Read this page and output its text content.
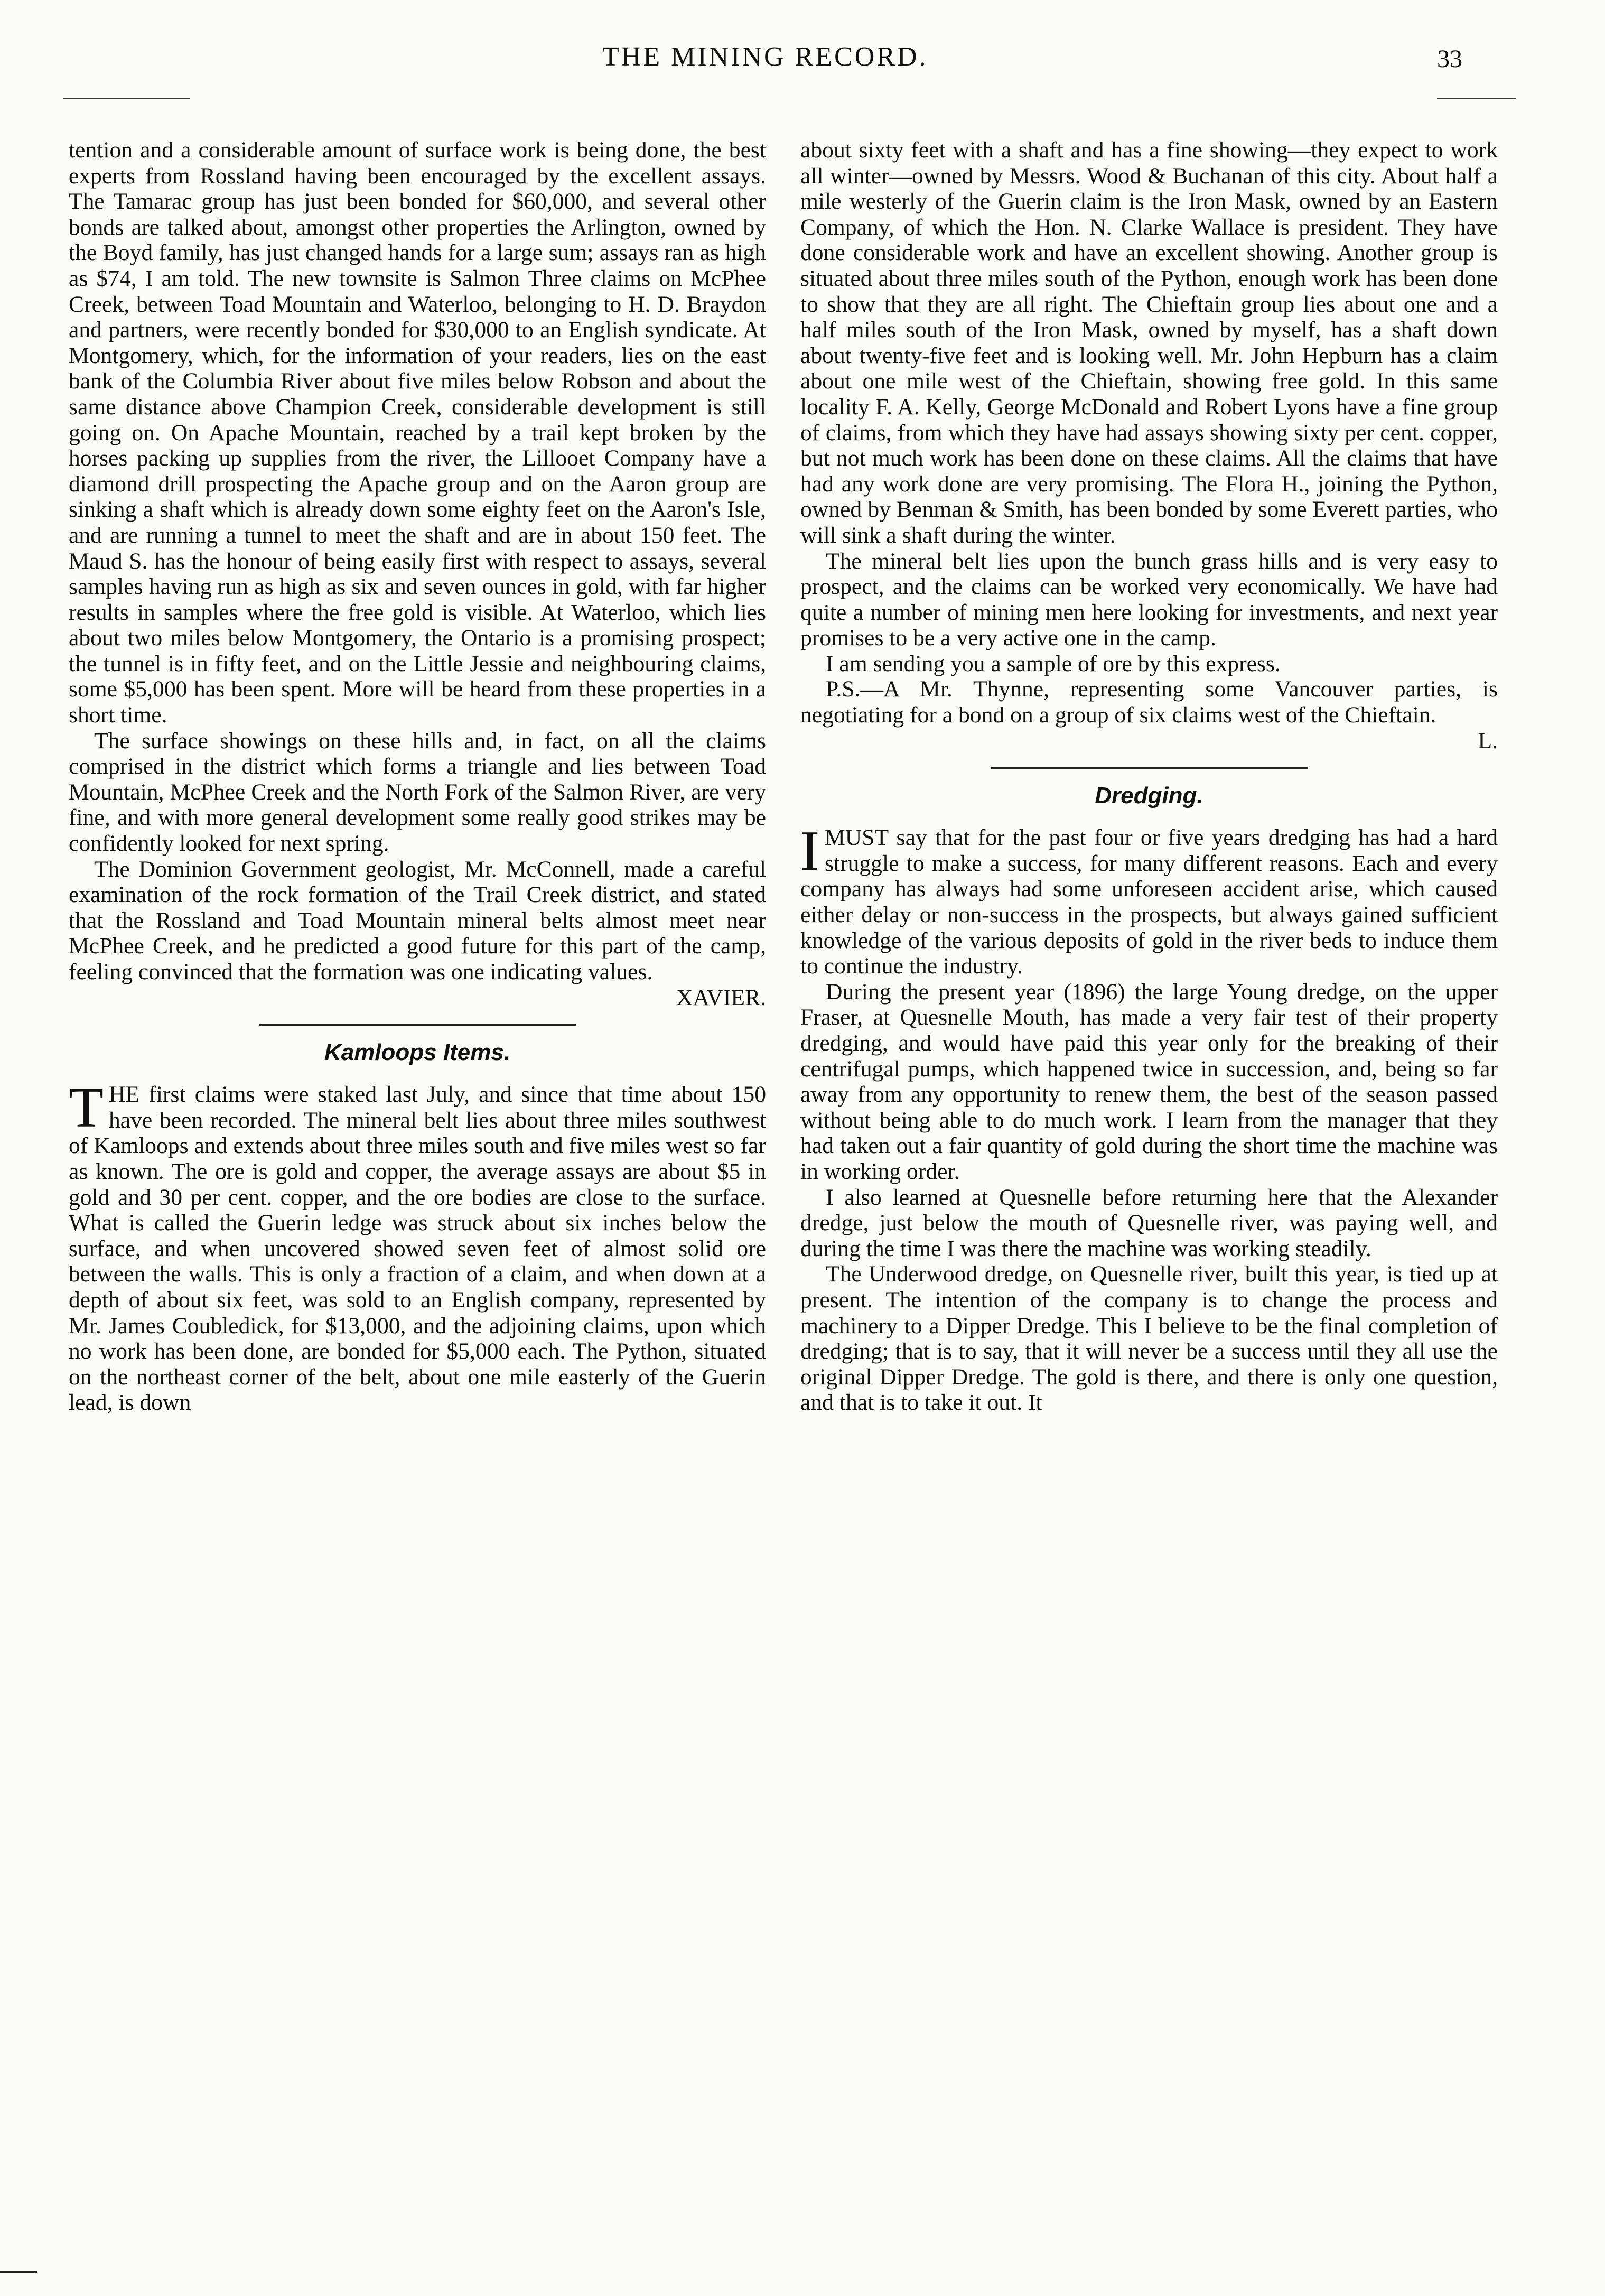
THE MINING RECORD.	33

tention and a considerable amount of surface work is being done, the best experts from Rossland having been encouraged by the excellent assays. The Tamarac group has just been bonded for $60,000, and several other bonds are talked about, amongst other properties the Arlington, owned by the Boyd family, has just changed hands for a large sum; assays ran as high as $74, I am told. The new townsite is Salmon Three claims on McPhee Creek, between Toad Mountain and Waterloo, belonging to H. D. Braydon and partners, were recently bonded for $30,000 to an English syndicate. At Montgomery, which, for the information of your readers, lies on the east bank of the Columbia River about five miles below Robson and about the same distance above Champion Creek, considerable development is still going on. On Apache Mountain, reached by a trail kept broken by the horses packing up supplies from the river, the Lillooet Company have a diamond drill prospecting the Apache group and on the Aaron group are sinking a shaft which is already down some eighty feet on the Aaron's Isle, and are running a tunnel to meet the shaft and are in about 150 feet. The Maud S. has the honour of being easily first with respect to assays, several samples having run as high as six and seven ounces in gold, with far higher results in samples where the free gold is visible. At Waterloo, which lies about two miles below Montgomery, the Ontario is a promising prospect; the tunnel is in fifty feet, and on the Little Jessie and neighbouring claims, some $5,000 has been spent. More will be heard from these properties in a short time.

The surface showings on these hills and, in fact, on all the claims comprised in the district which forms a triangle and lies between Toad Mountain, McPhee Creek and the North Fork of the Salmon River, are very fine, and with more general development some really good strikes may be confidently looked for next spring.

The Dominion Government geologist, Mr. McConnell, made a careful examination of the rock formation of the Trail Creek district, and stated that the Rossland and Toad Mountain mineral belts almost meet near McPhee Creek, and he predicted a good future for this part of the camp, feeling convinced that the formation was one indicating values.

XAVIER.
Kamloops Items.

THE first claims were staked last July, and since that time about 150 have been recorded. The mineral belt lies about three miles southwest of Kamloops and extends about three miles south and five miles west so far as known. The ore is gold and copper, the average assays are about $5 in gold and 30 per cent. copper, and the ore bodies are close to the surface. What is called the Guerin ledge was struck about six inches below the surface, and when uncovered showed seven feet of almost solid ore between the walls. This is only a fraction of a claim, and when down at a depth of about six feet, was sold to an English company, represented by Mr. James Coubledick, for $13,000, and the adjoining claims, upon which no work has been done, are bonded for $5,000 each. The Python, situated on the northeast corner of the belt, about one mile easterly of the Guerin lead, is down

about sixty feet with a shaft and has a fine showing—they expect to work all winter—owned by Messrs. Wood & Buchanan of this city. About half a mile westerly of the Guerin claim is the Iron Mask, owned by an Eastern Company, of which the Hon. N. Clarke Wallace is president. They have done considerable work and have an excellent showing. Another group is situated about three miles south of the Python, enough work has been done to show that they are all right. The Chieftain group lies about one and a half miles south of the Iron Mask, owned by myself, has a shaft down about twenty-five feet and is looking well. Mr. John Hepburn has a claim about one mile west of the Chieftain, showing free gold. In this same locality F. A. Kelly, George McDonald and Robert Lyons have a fine group of claims, from which they have had assays showing sixty per cent. copper, but not much work has been done on these claims. All the claims that have had any work done are very promising. The Flora H., joining the Python, owned by Benman & Smith, has been bonded by some Everett parties, who will sink a shaft during the winter.

The mineral belt lies upon the bunch grass hills and is very easy to prospect, and the claims can be worked very economically. We have had quite a number of mining men here looking for investments, and next year promises to be a very active one in the camp.

I am sending you a sample of ore by this express.

P.S.—A Mr. Thynne, representing some Vancouver parties, is negotiating for a bond on a group of six claims west of the Chieftain.

L.
Dredging.

IMUST say that for the past four or five years dredging has had a hard struggle to make a success, for many different reasons. Each and every company has always had some unforeseen accident arise, which caused either delay or non-success in the prospects, but always gained sufficient knowledge of the various deposits of gold in the river beds to induce them to continue the industry.

During the present year (1896) the large Young dredge, on the upper Fraser, at Quesnelle Mouth, has made a very fair test of their property dredging, and would have paid this year only for the breaking of their centrifugal pumps, which happened twice in succession, and, being so far away from any opportunity to renew them, the best of the season passed without being able to do much work. I learn from the manager that they had taken out a fair quantity of gold during the short time the machine was in working order.

I also learned at Quesnelle before returning here that the Alexander dredge, just below the mouth of Quesnelle river, was paying well, and during the time I was there the machine was working steadily.

The Underwood dredge, on Quesnelle river, built this year, is tied up at present. The intention of the company is to change the process and machinery to a Dipper Dredge. This I believe to be the final completion of dredging; that is to say, that it will never be a success until they all use the original Dipper Dredge. The gold is there, and there is only one question, and that is to take it out. It
